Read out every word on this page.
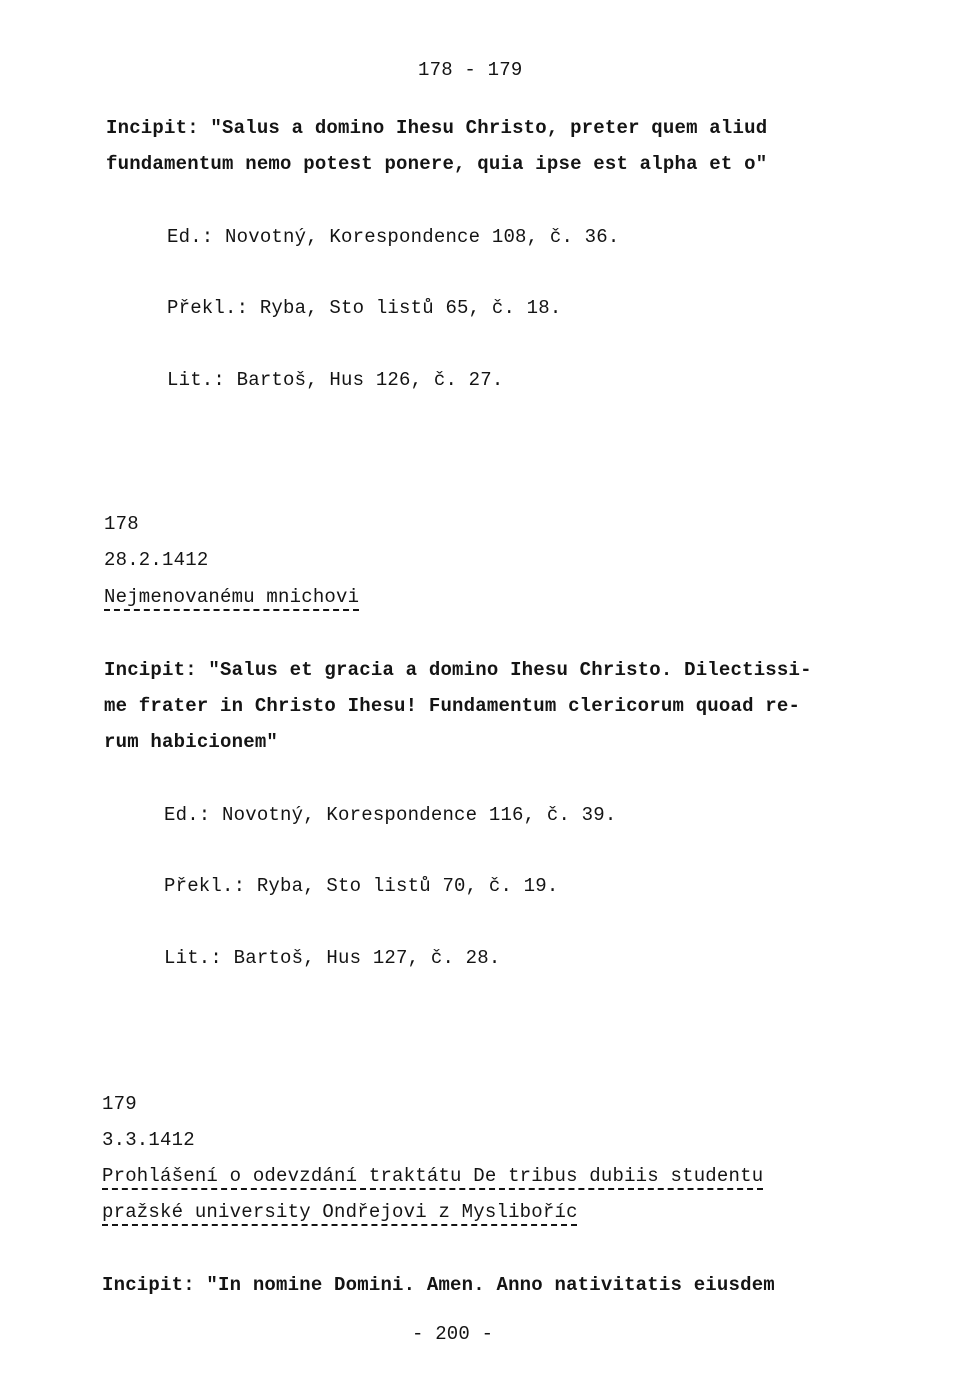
178 - 179
Incipit: "Salus a domino Ihesu Christo, preter quem aliud
fundamentum nemo potest ponere, quia ipse est alpha et o"
Ed.: Novotný, Korespondence 108, č. 36.
Překl.: Ryba, Sto listů 65, č. 18.
Lit.: Bartoš, Hus 126, č. 27.
178
28.2.1412
Nejmenovanému mnichovi
Incipit: "Salus et gracia a domino Ihesu Christo. Dilectissi-
me frater in Christo Ihesu! Fundamentum clericorum quoad re-
rum habicionem"
Ed.: Novotný, Korespondence 116, č. 39.
Překl.: Ryba, Sto listů 70, č. 19.
Lit.: Bartoš, Hus 127, č. 28.
179
3.3.1412
Prohlášení o odevzdání traktátu De tribus dubiis studentu
pražské university Ondřejovi z Mysliboříc
Incipit: "In nomine Domini. Amen. Anno nativitatis eiusdem
- 200 -
